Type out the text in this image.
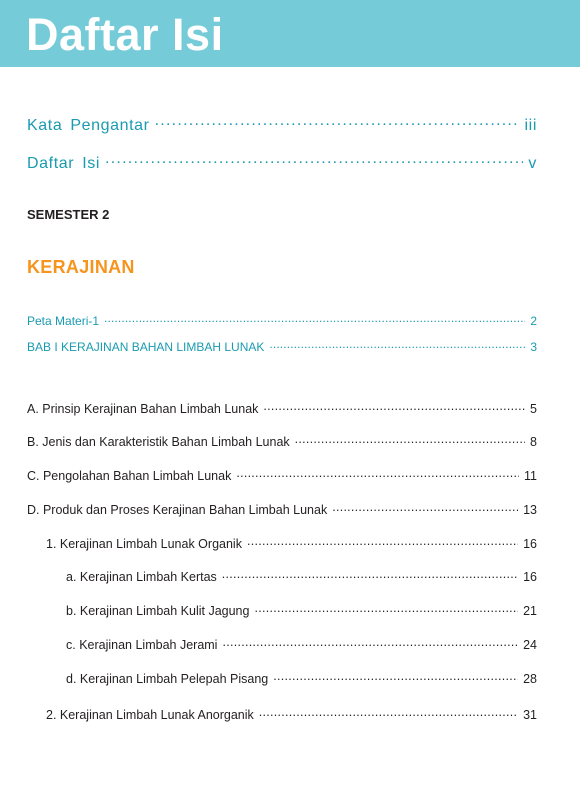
Daftar Isi
Kata Pengantar . . .	iii
Daftar Isi . . .	v
SEMESTER 2
KERAJINAN
Peta Materi-1 . . .	2
BAB I KERAJINAN BAHAN LIMBAH LUNAK . . .	3
A. Prinsip Kerajinan Bahan Limbah Lunak . . .	5
B. Jenis dan Karakteristik Bahan Limbah Lunak . . .	8
C. Pengolahan Bahan Limbah Lunak . . .	11
D. Produk dan Proses Kerajinan Bahan Limbah Lunak . . .	13
1. Kerajinan Limbah Lunak Organik . . .	16
a. Kerajinan Limbah Kertas . . .	16
b. Kerajinan Limbah Kulit Jagung . . .	21
c. Kerajinan Limbah Jerami . . .	24
d. Kerajinan Limbah Pelepah Pisang . . .	28
2. Kerajinan Limbah Lunak Anorganik . . .	31
